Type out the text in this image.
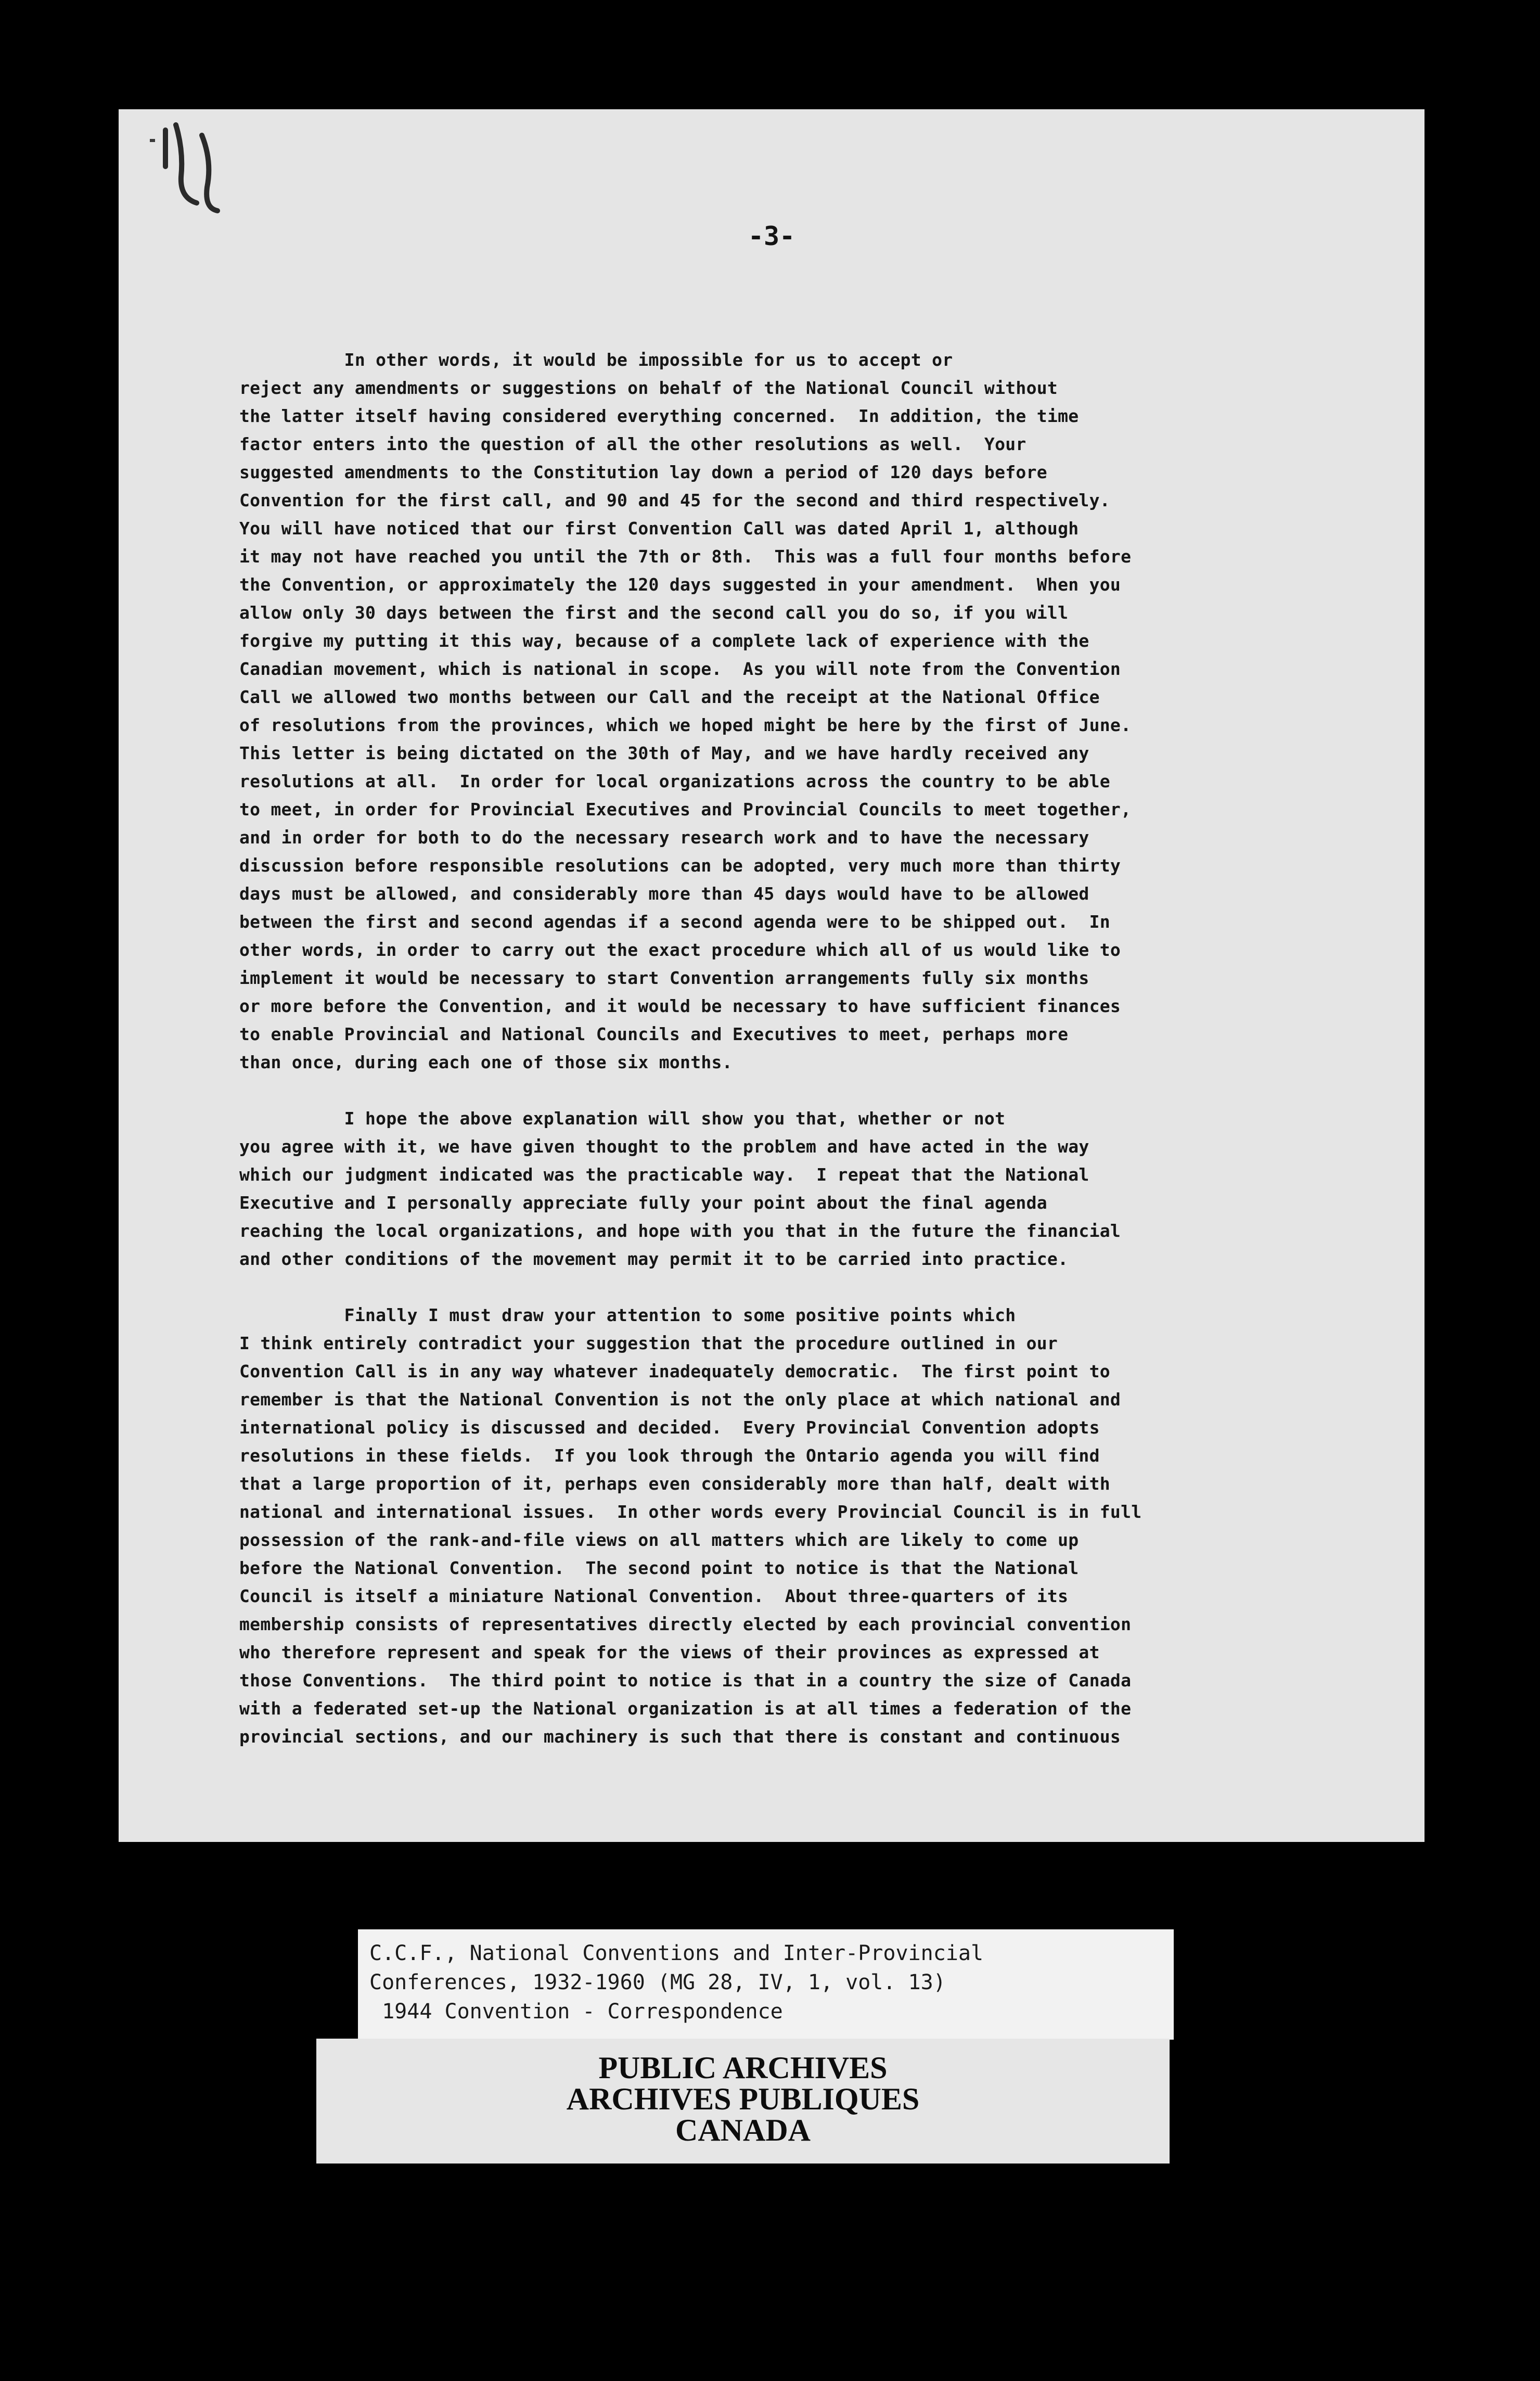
-3-
In other words, it would be impossible for us to accept or
reject any amendments or suggestions on behalf of the National Council without
the latter itself having considered everything concerned.  In addition, the time
factor enters into the question of all the other resolutions as well.  Your
suggested amendments to the Constitution lay down a period of 120 days before
Convention for the first call, and 90 and 45 for the second and third respectively.
You will have noticed that our first Convention Call was dated April 1, although
it may not have reached you until the 7th or 8th.  This was a full four months before
the Convention, or approximately the 120 days suggested in your amendment.  When you
allow only 30 days between the first and the second call you do so, if you will
forgive my putting it this way, because of a complete lack of experience with the
Canadian movement, which is national in scope.  As you will note from the Convention
Call we allowed two months between our Call and the receipt at the National Office
of resolutions from the provinces, which we hoped might be here by the first of June.
This letter is being dictated on the 30th of May, and we have hardly received any
resolutions at all.  In order for local organizations across the country to be able
to meet, in order for Provincial Executives and Provincial Councils to meet together,
and in order for both to do the necessary research work and to have the necessary
discussion before responsible resolutions can be adopted, very much more than thirty
days must be allowed, and considerably more than 45 days would have to be allowed
between the first and second agendas if a second agenda were to be shipped out.  In
other words, in order to carry out the exact procedure which all of us would like to
implement it would be necessary to start Convention arrangements fully six months
or more before the Convention, and it would be necessary to have sufficient finances
to enable Provincial and National Councils and Executives to meet, perhaps more
than once, during each one of those six months.
I hope the above explanation will show you that, whether or not
you agree with it, we have given thought to the problem and have acted in the way
which our judgment indicated was the practicable way.  I repeat that the National
Executive and I personally appreciate fully your point about the final agenda
reaching the local organizations, and hope with you that in the future the financial
and other conditions of the movement may permit it to be carried into practice.
Finally I must draw your attention to some positive points which
I think entirely contradict your suggestion that the procedure outlined in our
Convention Call is in any way whatever inadequately democratic.  The first point to
remember is that the National Convention is not the only place at which national and
international policy is discussed and decided.  Every Provincial Convention adopts
resolutions in these fields.  If you look through the Ontario agenda you will find
that a large proportion of it, perhaps even considerably more than half, dealt with
national and international issues.  In other words every Provincial Council is in full
possession of the rank-and-file views on all matters which are likely to come up
before the National Convention.  The second point to notice is that the National
Council is itself a miniature National Convention.  About three-quarters of its
membership consists of representatives directly elected by each provincial convention
who therefore represent and speak for the views of their provinces as expressed at
those Conventions.  The third point to notice is that in a country the size of Canada
with a federated set-up the National organization is at all times a federation of the
provincial sections, and our machinery is such that there is constant and continuous
C.C.F., National Conventions and Inter-Provincial
Conferences, 1932-1960 (MG 28, IV, 1, vol. 13)
1944 Convention - Correspondence
PUBLIC ARCHIVES
ARCHIVES PUBLIQUES
CANADA
